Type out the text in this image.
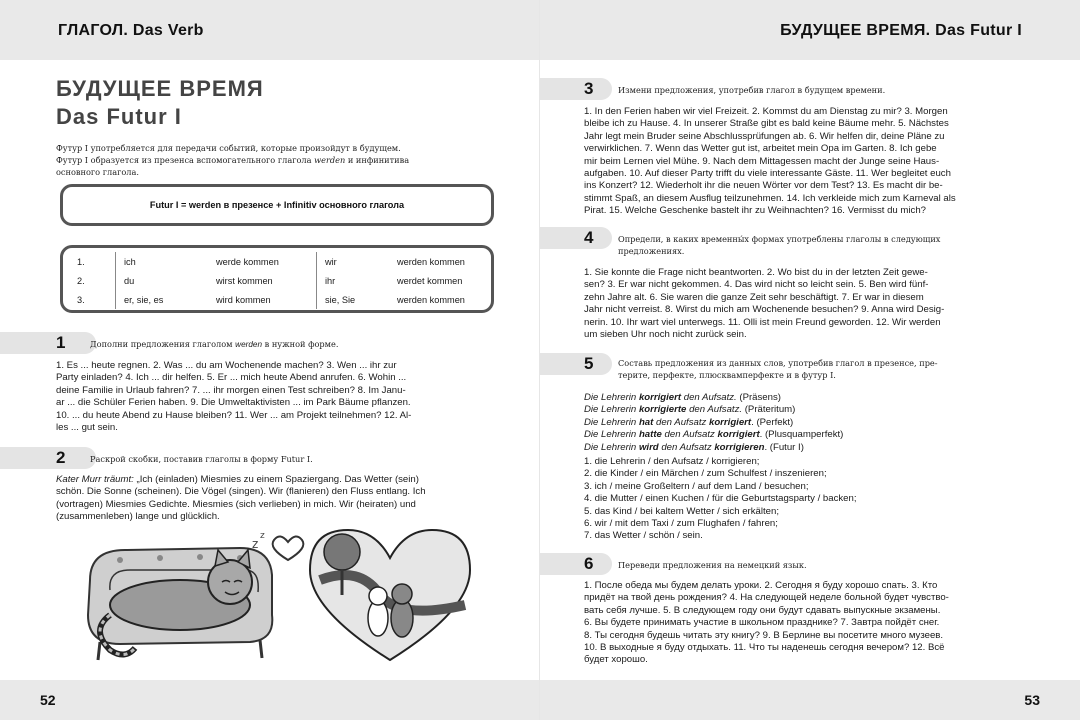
ГЛАГОЛ. Das Verb
БУДУЩЕЕ ВРЕМЯ
Das Futur I
Футур I употребляется для передачи событий, которые произойдут в будущем.
Футур I образуется из презенса вспомогательного глагола werden и инфинитива
основного глагола.
Futur I = werden в презенсе + Infinitiv основного глагола
1.	ich	werde kommen	wir	werden kommen
2.	du	wirst kommen	ihr	werdet kommen
3.	er, sie, es	wird kommen	sie, Sie	werden kommen
1	Дополни предложения глаголом werden в нужной форме.
1. Es ... heute regnen. 2. Was ... du am Wochenende machen? 3. Wen ... ihr zur
Party einladen? 4. Ich ... dir helfen. 5. Er ... mich heute Abend anrufen. 6. Wohin ...
deine Familie in Urlaub fahren? 7. ... ihr morgen einen Test schreiben? 8. Im Janu-
ar ... die Schüler Ferien haben. 9. Die Umweltaktivisten ... im Park Bäume pflanzen.
10. ... du heute Abend zu Hause bleiben? 11. Wer ... am Projekt teilnehmen? 12. Al-
les ... gut sein.
2	Раскрой скобки, поставив глаголы в форму Futur I.
Kater Murr träumt: „Ich (einladen) Miesmies zu einem Spaziergang. Das Wetter (sein)
schön. Die Sonne (scheinen). Die Vögel (singen). Wir (flanieren) den Fluss entlang. Ich
(vortragen) Miesmies Gedichte. Miesmies (sich verlieben) in mich. Wir (heiraten) und
(zusammenleben) lange und glücklich.
z
z
52
БУДУЩЕЕ ВРЕМЯ. Das Futur I
3	Измени предложения, употребив глагол в будущем времени.
1. In den Ferien haben wir viel Freizeit. 2. Kommst du am Dienstag zu mir? 3. Morgen
bleibe ich zu Hause. 4. In unserer Straße gibt es bald keine Bäume mehr. 5. Nächstes
Jahr legt mein Bruder seine Abschlussprüfungen ab. 6. Wir helfen dir, deine Pläne zu
verwirklichen. 7. Wenn das Wetter gut ist, arbeitet mein Opa im Garten. 8. Ich gebe
mir beim Lernen viel Mühe. 9. Nach dem Mittagessen macht der Junge seine Haus-
aufgaben. 10. Auf dieser Party trifft du viele interessante Gäste. 11. Wer begleitet euch
ins Konzert? 12. Wiederholt ihr die neuen Wörter vor dem Test? 13. Es macht dir be-
stimmt Spaß, an diesem Ausflug teilzunehmen. 14. Ich verkleide mich zum Karneval als
Pirat. 15. Welche Geschenke bastelt ihr zu Weihnachten? 16. Vermisst du mich?
4	Определи, в каких временны́х формах употреблены глаголы в следующих
предложениях.
1. Sie konnte die Frage nicht beantworten. 2. Wo bist du in der letzten Zeit gewe-
sen? 3. Er war nicht gekommen. 4. Das wird nicht so leicht sein. 5. Ben wird fünf-
zehn Jahre alt. 6. Sie waren die ganze Zeit sehr beschäftigt. 7. Er war in diesem
Jahr nicht verreist. 8. Wirst du mich am Wochenende besuchen? 9. Anna wird Desig-
nerin. 10. Ihr wart viel unterwegs. 11. Olli ist mein Freund geworden. 12. Wir werden
um sieben Uhr noch nicht zurück sein.
5	Составь предложения из данных слов, употребив глагол в презенсе, пре-
терите, перфекте, плюсквамперфекте и в футур I.
Die Lehrerin korrigiert den Aufsatz. (Präsens)
Die Lehrerin korrigierte den Aufsatz. (Präteritum)
Die Lehrerin hat den Aufsatz korrigiert. (Perfekt)
Die Lehrerin hatte den Aufsatz korrigiert. (Plusquamperfekt)
Die Lehrerin wird den Aufsatz korrigieren. (Futur I)
1. die Lehrerin / den Aufsatz / korrigieren;
2. die Kinder / ein Märchen / zum Schulfest / inszenieren;
3. ich / meine Großeltern / auf dem Land / besuchen;
4. die Mutter / einen Kuchen / für die Geburtstagsparty / backen;
5. das Kind / bei kaltem Wetter / sich erkälten;
6. wir / mit dem Taxi / zum Flughafen / fahren;
7. das Wetter / schön / sein.
6	Переведи предложения на немецкий язык.
1. После обеда мы будем делать уроки. 2. Сегодня я буду хорошо спать. 3. Кто
придёт на твой день рождения? 4. На следующей неделе больной будет чувство-
вать себя лучше. 5. В следующем году они будут сдавать выпускные экзамены.
6. Вы будете принимать участие в школьном празднике? 7. Завтра пойдёт снег.
8. Ты сегодня будешь читать эту книгу? 9. В Берлине вы посетите много музеев.
10. В выходные я буду отдыхать. 11. Что ты наденешь сегодня вечером? 12. Всё
будет хорошо.
53
